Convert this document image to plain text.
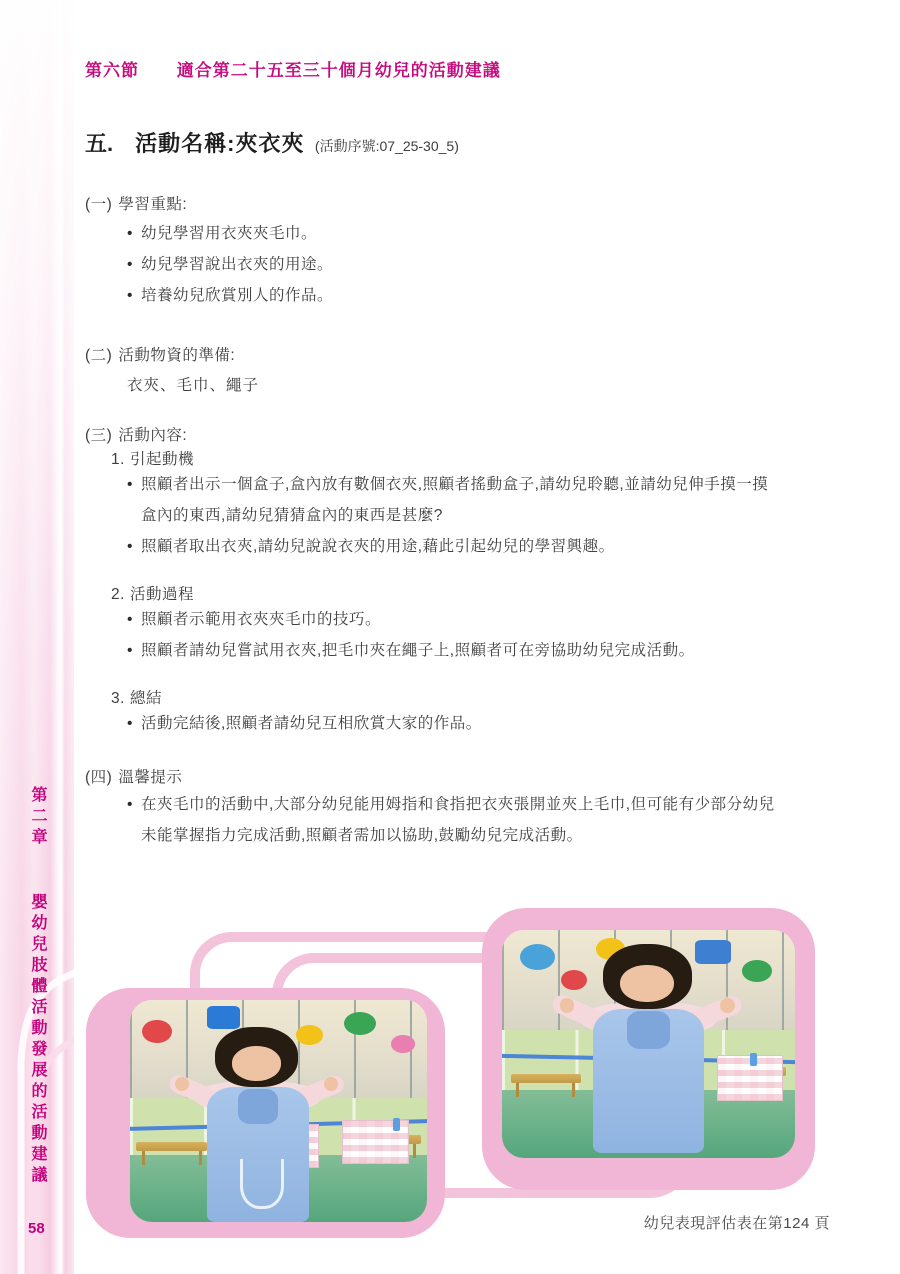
第二章 嬰幼兒肢體活動發展的活動建議
58
第六節 適合第二十五至三十個月幼兒的活動建議
五. 活動名稱:夾衣夾 (活動序號:07_25-30_5)
(一) 學習重點:
• 幼兒學習用衣夾夾毛巾。
• 幼兒學習說出衣夾的用途。
• 培養幼兒欣賞別人的作品。
(二) 活動物資的準備:
衣夾、毛巾、繩子
(三) 活動內容:
1. 引起動機
• 照顧者出示一個盒子,盒內放有數個衣夾,照顧者搖動盒子,請幼兒聆聽,並請幼兒伸手摸一摸盒內的東西,請幼兒猜猜盒內的東西是甚麼?
• 照顧者取出衣夾,請幼兒說說衣夾的用途,藉此引起幼兒的學習興趣。
2. 活動過程
• 照顧者示範用衣夾夾毛巾的技巧。
• 照顧者請幼兒嘗試用衣夾,把毛巾夾在繩子上,照顧者可在旁協助幼兒完成活動。
3. 總結
• 活動完結後,照顧者請幼兒互相欣賞大家的作品。
(四) 溫馨提示
• 在夾毛巾的活動中,大部分幼兒能用姆指和食指把衣夾張開並夾上毛巾,但可能有少部分幼兒未能掌握指力完成活動,照顧者需加以協助,鼓勵幼兒完成活動。
幼兒表現評估表在第124 頁
